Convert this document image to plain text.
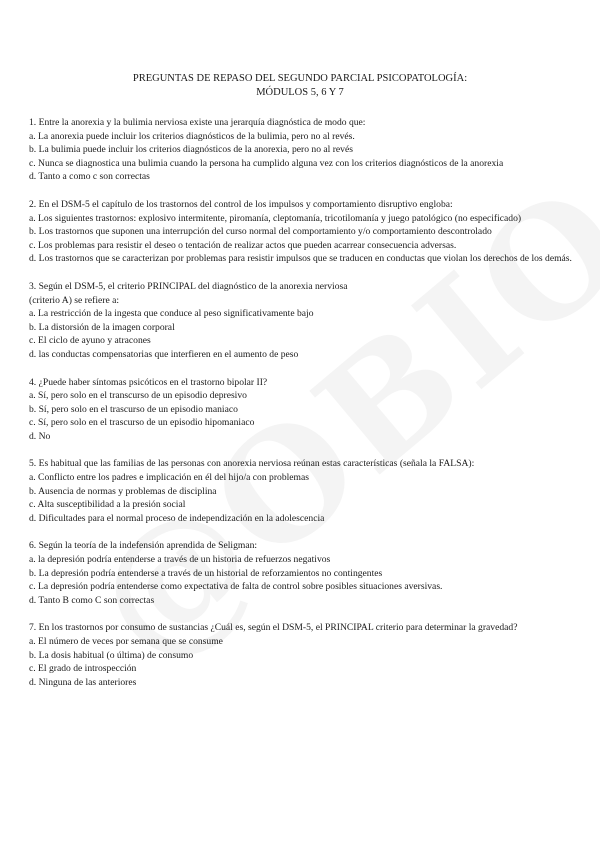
PREGUNTAS DE REPASO DEL SEGUNDO PARCIAL PSICOPATOLOGÍA:
MÓDULOS 5, 6 Y 7

1. Entre la anorexia y la bulimia nerviosa existe una jerarquía diagnóstica de modo que:

a. La anorexia puede incluir los criterios diagnósticos de la bulimia, pero no al revés.

b. La bulimia puede incluir los criterios diagnósticos de la anorexia, pero no al revés

c. Nunca se diagnostica una bulimia cuando la persona ha cumplido alguna vez con los criterios diagnósticos de la anorexia

d. Tanto a como c son correctas

2. En el DSM-5 el capítulo de los trastornos del control de los impulsos y comportamiento disruptivo engloba:

a. Los siguientes trastornos: explosivo intermitente, piromanía, cleptomanía, tricotilomanía y juego patológico (no especificado)

b. Los trastornos que suponen una interrupción del curso normal del comportamiento y/o comportamiento descontrolado

c. Los problemas para resistir el deseo o tentación de realizar actos que pueden acarrear consecuencia adversas.

d. Los trastornos que se caracterizan por problemas para resistir impulsos que se traducen en conductas que violan los derechos de los demás.

3. Según el DSM-5, el criterio PRINCIPAL del diagnóstico de la anorexia nerviosa

(criterio A) se refiere a:

a. La restricción de la ingesta que conduce al peso significativamente bajo

b. La distorsión de la imagen corporal

c. El ciclo de ayuno y atracones

d. las conductas compensatorias que interfieren en el aumento de peso

4. ¿Puede haber síntomas psicóticos en el trastorno bipolar II?

a. Sí, pero solo en el transcurso de un episodio depresivo

b. Sí, pero solo en el trascurso de un episodio maniaco

c. Sí, pero solo en el trascurso de un episodio hipomaniaco

d. No

5. Es habitual que las familias de las personas con anorexia nerviosa reúnan estas características (señala la FALSA):

a. Conflicto entre los padres e implicación en él del hijo/a con problemas

b. Ausencia de normas y problemas de disciplina

c. Alta susceptibilidad a la presión social

d. Dificultades para el normal proceso de independización en la adolescencia

6. Según la teoría de la indefensión aprendida de Seligman:

a. la depresión podría entenderse a través de un historia de refuerzos negativos

b. La depresión podría entenderse a través de un historial de reforzamientos no contingentes

c. La depresión podría entenderse como expectativa de falta de control sobre posibles situaciones aversivas.

d. Tanto B como C son correctas

7. En los trastornos por consumo de sustancias ¿Cuál es, según el DSM-5, el PRINCIPAL criterio para determinar la gravedad?

a. El número de veces por semana que se consume

b. La dosis habitual (o última) de consumo

c. El grado de introspección

d. Ninguna de las anteriores
